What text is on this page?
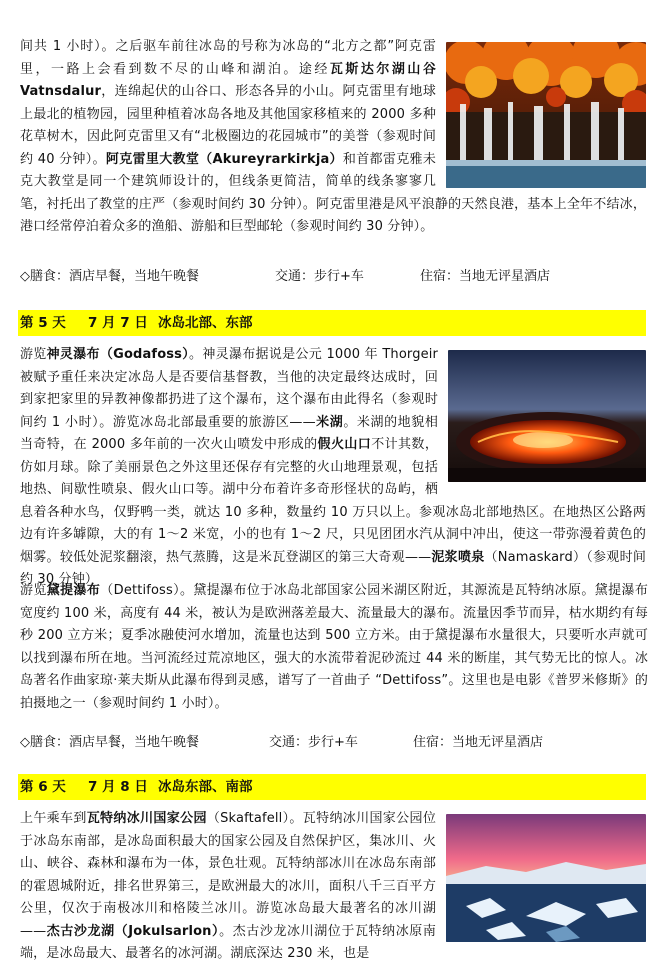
间共 1 小时）。之后驱车前往冰岛的号称为冰岛的“北方之都”阿克雷里，一路上会看到数不尽的山峰和湖泊。途经瓦斯达尔湖山谷 Vatnsdalur，连绵起伏的山谷口、形态各异的小山。阿克雷里有地球上最北的植物园，园里种植着冰岛各地及其他国家移植来的 2000 多种花草树木，因此阿克雷里又有“北极圈边的花园城市”的美誉（参观时间约 40 分钟）。阿克雷里大教堂（Akureyrarkirkja）和首都雷克雅未克大教堂是同一个建筑师设计的，但线条更简洁，简单的线条寥寥几笔，衬托出了教堂的庄严（参观时间约 30 分钟）。阿克雷里港是风平浪静的天然良港，基本上全年不结冰，港口经常停泊着众多的渔船、游船和巨型邮轮（参观时间约 30 分钟）。
◇膳食：酒店早餐，当地午晚餐	交通：步行+车	住宿：当地无评星酒店
第 5 天 7 月 7 日 冰岛北部、东部
游览神灵瀑布（Godafoss）。神灵瀑布据说是公元 1000 年 Thorgeir 被赋予重任来决定冰岛人是否要信基督教，当他的决定最终达成时，回到家把家里的异教神像都扔进了这个瀑布，这个瀑布由此得名（参观时间约 1 小时）。游览冰岛北部最重要的旅游区——米湖。米湖的地貌相当奇特，在 2000 多年前的一次火山喷发中形成的假火山口不计其数，仿如月球。除了美丽景色之外这里还保存有完整的火山地理景观，包括地热、间歇性喷泉、假火山口等。湖中分布着许多奇形怪状的岛屿，栖息着各种水鸟，仅野鸭一类，就达 10 多种，数量约 10 万只以上。参观冰岛北部地热区。在地热区公路两边有许多罅隙，大的有 1～2 米宽，小的也有 1～2 尺，只见团团水汽从洞中冲出，使这一带弥漫着黄色的烟雾。较低处泥浆翻滚，热气蒸腾，这是米瓦登湖区的第三大奇观——泥浆喷泉（Namaskard）（参观时间约 30 分钟）
游览黛提瀑布（Dettifoss）。黛提瀑布位于冰岛北部国家公园米湖区附近，其源流是瓦特纳冰原。黛提瀑布宽度约 100 米，高度有 44 米，被认为是欧洲落差最大、流量最大的瀑布。流量因季节而异，枯水期约有每秒 200 立方米；夏季冰融使河水增加，流量也达到 500 立方米。由于黛提瀑布水量很大，只要听水声就可以找到瀑布所在地。当河流经过荒凉地区，强大的水流带着泥砂流过 44 米的断崖，其气势无比的惊人。冰岛著名作曲家琼·莱夫斯从此瀑布得到灵感，谱写了一首曲子 “Dettifoss”。这里也是电影《普罗米修斯》的拍摄地之一（参观时间约 1 小时）。
◇膳食：酒店早餐，当地午晚餐	交通：步行+车	住宿：当地无评星酒店
第 6 天 7 月 8 日 冰岛东部、南部
上午乘车到瓦特纳冰川国家公园（Skaftafell）。瓦特纳冰川国家公园位于冰岛东南部，是冰岛面积最大的国家公园及自然保护区，集冰川、火山、峡谷、森林和瀑布为一体，景色壮观。瓦特纳部冰川在冰岛东南部的霍恩城附近，排名世界第三，是欧洲最大的冰川，面积八千三百平方公里，仅次于南极冰川和格陵兰冰川。游览冰岛最大最著名的冰川湖——杰古沙龙湖（Jokulsarlon）。杰古沙龙冰川湖位于瓦特纳冰原南端，是冰岛最大、最著名的冰河湖。湖底深达 230 米，也是
